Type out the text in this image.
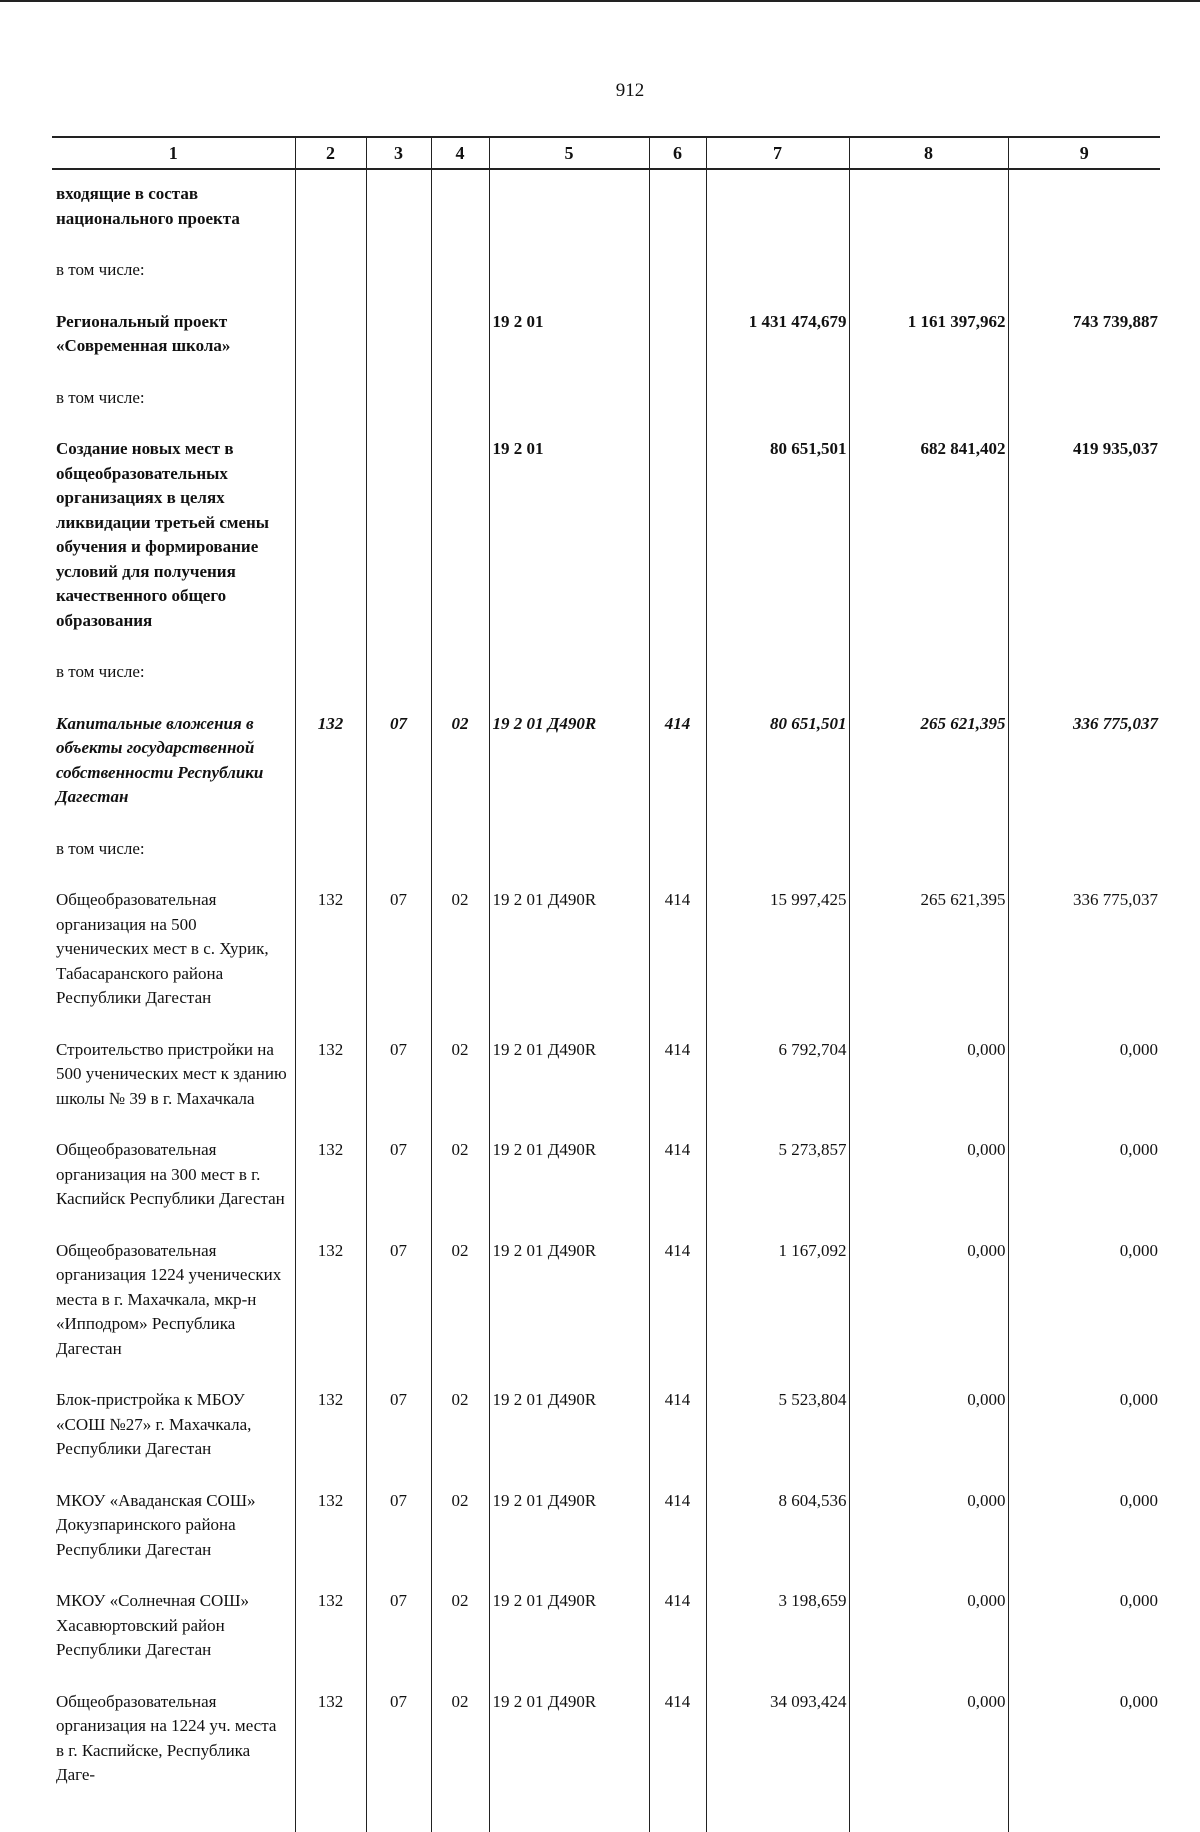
912
1	2	3	4	5	6	7	8	9
входящие в состав национального проекта								
в том числе:								
Региональный проект «Современная школа»				19 2 01		1 431 474,679	1 161 397,962	743 739,887
в том числе:								
Создание новых мест в общеобразовательных организациях в целях ликвидации третьей смены обучения и формирование условий для получения качественного общего образования				19 2 01		80 651,501	682 841,402	419 935,037
в том числе:								
Капитальные вложения в объекты государственной собственности Республики Дагестан	132	07	02	19 2 01 Д490R	414	80 651,501	265 621,395	336 775,037
в том числе:								
Общеобразовательная организация на 500 ученических мест в с. Хурик, Табасаранского района Республики Дагестан	132	07	02	19 2 01 Д490R	414	15 997,425	265 621,395	336 775,037
Строительство пристройки на 500 ученических мест к зданию школы № 39 в г. Махачкала	132	07	02	19 2 01 Д490R	414	6 792,704	0,000	0,000
Общеобразовательная организация на 300 мест в г. Каспийск Республики Дагестан	132	07	02	19 2 01 Д490R	414	5 273,857	0,000	0,000
Общеобразовательная организация 1224 ученических места в г. Махачкала, мкр-н «Ипподром» Республика Дагестан	132	07	02	19 2 01 Д490R	414	1 167,092	0,000	0,000
Блок-пристройка к МБОУ «СОШ №27» г. Махачкала, Республики Дагестан	132	07	02	19 2 01 Д490R	414	5 523,804	0,000	0,000
МКОУ «Аваданская СОШ» Докузпаринского района Республики Дагестан	132	07	02	19 2 01 Д490R	414	8 604,536	0,000	0,000
МКОУ «Солнечная СОШ» Хасавюртовский район Республики Дагестан	132	07	02	19 2 01 Д490R	414	3 198,659	0,000	0,000
Общеобразовательная организация на 1224 уч. места в г. Каспийске, Республика Даге-	132	07	02	19 2 01 Д490R	414	34 093,424	0,000	0,000
